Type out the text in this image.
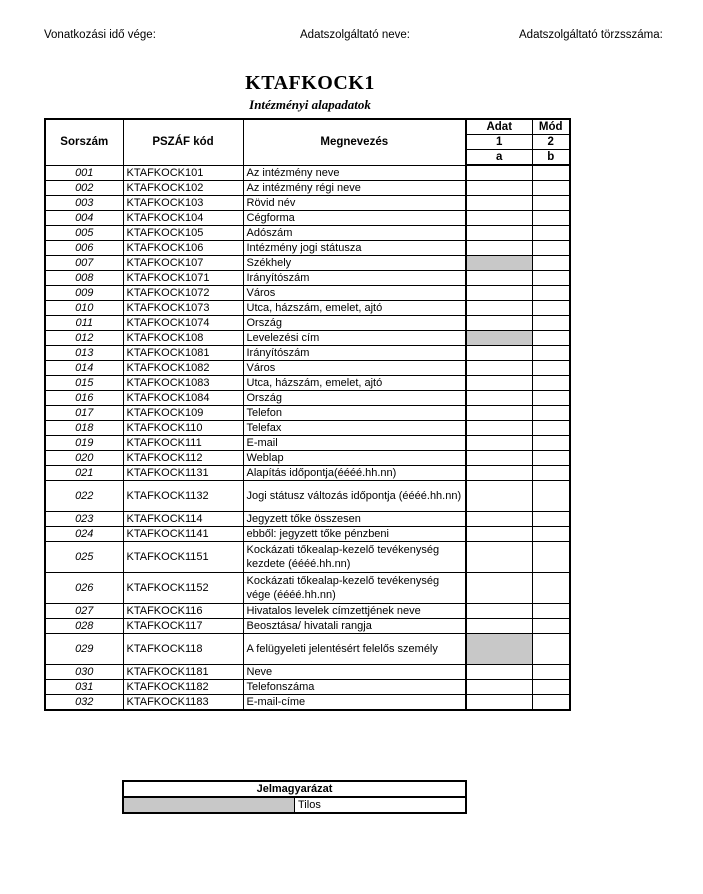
Vonatkozási idő vége:	Adatszolgáltató neve:	Adatszolgáltató törzsszáma:
KTAFKOCK1
Intézményi alapadatok
Sorszám	PSZÁF kód	Megnevezés	Adat	Mód
			1	2
			a	b
001	KTAFKOCK101	Az intézmény neve		
002	KTAFKOCK102	Az intézmény régi neve		
003	KTAFKOCK103	Rövid név		
004	KTAFKOCK104	Cégforma		
005	KTAFKOCK105	Adószám		
006	KTAFKOCK106	Intézmény jogi státusza		
007	KTAFKOCK107	Székhely		
008	KTAFKOCK1071	Irányítószám		
009	KTAFKOCK1072	Város		
010	KTAFKOCK1073	Utca, házszám, emelet, ajtó		
011	KTAFKOCK1074	Ország		
012	KTAFKOCK108	Levelezési cím		
013	KTAFKOCK1081	Irányítószám		
014	KTAFKOCK1082	Város		
015	KTAFKOCK1083	Utca, házszám, emelet, ajtó		
016	KTAFKOCK1084	Ország		
017	KTAFKOCK109	Telefon		
018	KTAFKOCK110	Telefax		
019	KTAFKOCK111	E-mail		
020	KTAFKOCK112	Weblap		
021	KTAFKOCK1131	Alapítás időpontja(éééé.hh.nn)		
022	KTAFKOCK1132	Jogi státusz változás időpontja (éééé.hh.nn)		
023	KTAFKOCK114	Jegyzett tőke összesen		
024	KTAFKOCK1141	ebből: jegyzett tőke pénzbeni		
025	KTAFKOCK1151	Kockázati tőkealap-kezelő tevékenység kezdete (éééé.hh.nn)		
026	KTAFKOCK1152	Kockázati tőkealap-kezelő tevékenység vége (éééé.hh.nn)		
027	KTAFKOCK116	Hivatalos levelek címzettjének neve		
028	KTAFKOCK117	Beosztása/ hivatali rangja		
029	KTAFKOCK118	A felügyeleti jelentésért felelős személy		
030	KTAFKOCK1181	Neve		
031	KTAFKOCK1182	Telefonszáma		
032	KTAFKOCK1183	E-mail-címe		
Jelmagyarázat
	Tilos
